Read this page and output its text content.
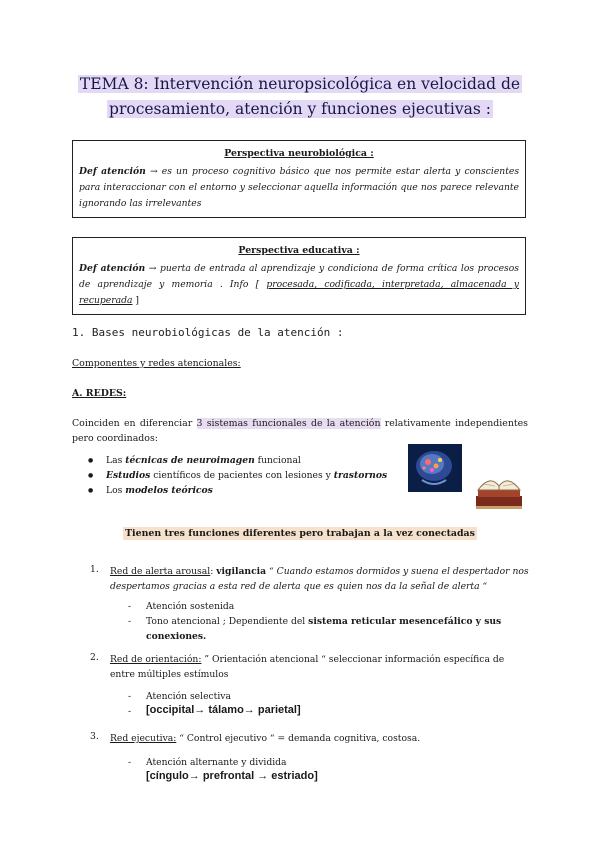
TEMA 8: Intervención neuropsicológica en velocidad de
procesamiento, atención y funciones ejecutivas :
Perspectiva neurobiológica :

Def atención → es un proceso cognitivo básico que nos permite estar alerta y conscientes para interaccionar con el entorno y seleccionar aquella información que nos parece relevante ignorando las irrelevantes

Perspectiva educativa :

Def atención → puerta de entrada al aprendizaje y condiciona de forma crítica los procesos de aprendizaje y memoria . Info [ procesada, codificada, interpretada, almacenada y recuperada ]

1. Bases neurobiológicas de la atención :
Componentes y redes atencionales:
A. REDES:
Coinciden en diferenciar 3 sistemas funcionales de la atención relativamente independientes pero coordinados:
● Las técnicas de neuroimagen funcional
● Estudios científicos de pacientes con lesiones y trastornos
● Los modelos teóricos
Tienen tres funciones diferentes pero trabajan a la vez conectadas
1. Red de alerta arousal: vigilancia “ Cuando estamos dormidos y suena el despertador nos despertamos gracias a esta red de alerta que es quien nos da la señal de alerta “
- Atención sostenida
- Tono atencional ; Dependiente del sistema reticular mesencefálico y sus conexiones.
2. Red de orientación: ” Orientación atencional “ seleccionar información específica de entre múltiples estímulos
- Atención selectiva
- [occipital→ tálamo→ parietal]
3. Red ejecutiva: “ Control ejecutivo “ = demanda cognitiva, costosa.
- Atención alternante y dividida
[cíngulo→ prefrontal → estriado]
